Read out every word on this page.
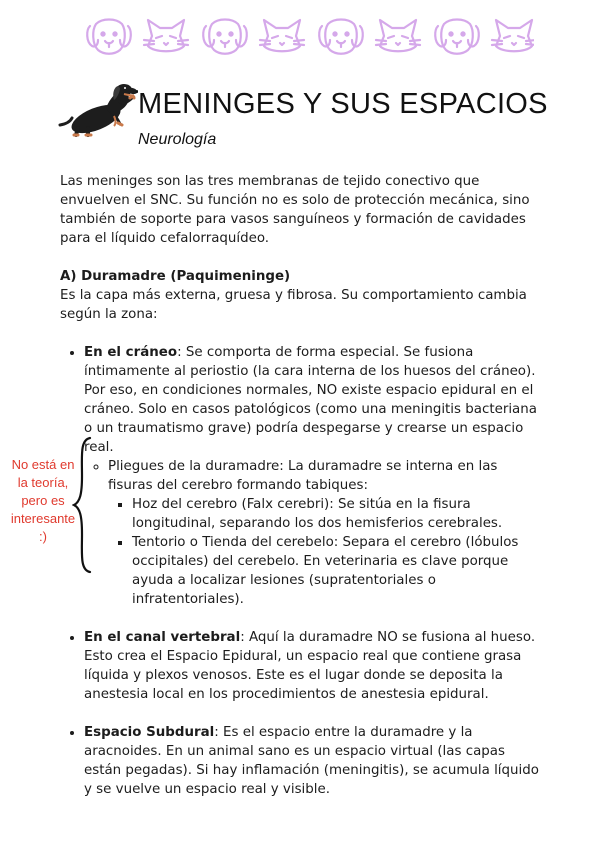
MENINGES Y SUS ESPACIOS
Neurología

Las meninges son las tres membranas de tejido conectivo que envuelven el SNC. Su función no es solo de protección mecánica, sino también de soporte para vasos sanguíneos y formación de cavidades para el líquido cefalorraquídeo.

A) Duramadre (Paquimeninge)

Es la capa más externa, gruesa y fibrosa. Su comportamiento cambia según la zona:

• En el cráneo: Se comporta de forma especial. Se fusiona íntimamente al periostio (la cara interna de los huesos del cráneo). Por eso, en condiciones normales, NO existe espacio epidural en el cráneo. Solo en casos patológicos (como una meningitis bacteriana o un traumatismo grave) podría despegarse y crearse un espacio real.
◦ Pliegues de la duramadre: La duramadre se interna en las fisuras del cerebro formando tabiques:
▪ Hoz del cerebro (Falx cerebri): Se sitúa en la fisura longitudinal, separando los dos hemisferios cerebrales.
▪ Tentorio o Tienda del cerebelo: Separa el cerebro (lóbulos occipitales) del cerebelo. En veterinaria es clave porque ayuda a localizar lesiones (supratentoriales o infratentoriales).
• En el canal vertebral: Aquí la duramadre NO se fusiona al hueso. Esto crea el Espacio Epidural, un espacio real que contiene grasa líquida y plexos venosos. Este es el lugar donde se deposita la anestesia local en los procedimientos de anestesia epidural.
• Espacio Subdural: Es el espacio entre la duramadre y la aracnoides. En un animal sano es un espacio virtual (las capas están pegadas). Si hay inflamación (meningitis), se acumula líquido y se vuelve un espacio real y visible.
No está en la teoría, pero es interesante :)
